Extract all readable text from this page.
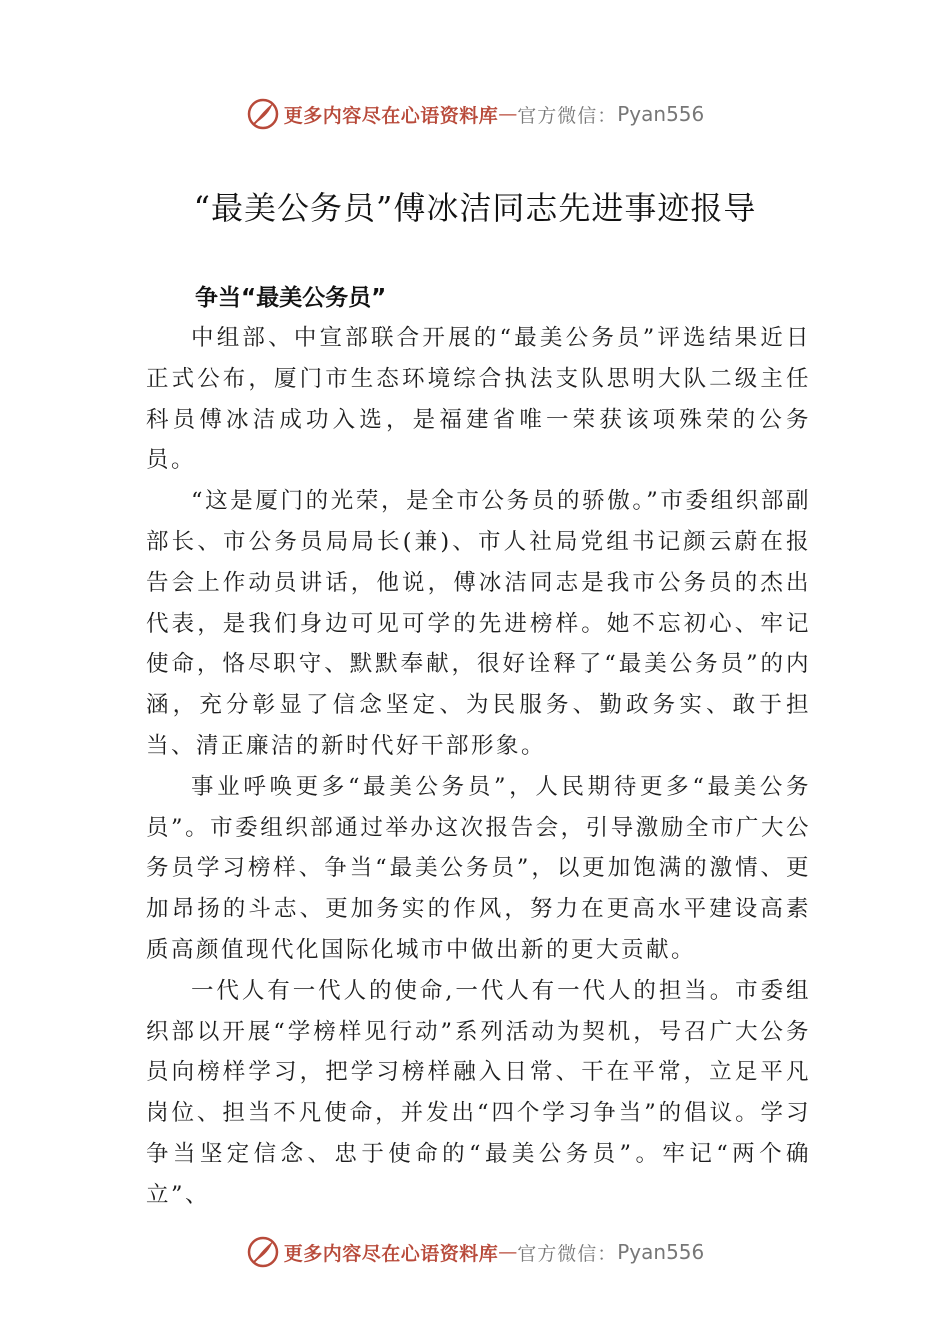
更多内容尽在心语资料库 — 官方微信： Pyan556
“最美公务员”傅冰洁同志先进事迹报导
争当“最美公务员”

中组部、中宣部联合开展的“最美公务员”评选结果近日正式公布，厦门市生态环境综合执法支队思明大队二级主任科员傅冰洁成功入选，是福建省唯一荣获该项殊荣的公务员。

“这是厦门的光荣，是全市公务员的骄傲。”市委组织部副部长、市公务员局局长(兼)、市人社局党组书记颜云蔚在报 告会上作动员讲话，他说，傅冰洁同志是我市公务员的杰出代表，是我们身边可见可学的先进榜样。她不忘初心、牢记使命，恪尽职守、默默奉献，很好诠释了“最美公务员”的内涵，充分彰显了信念坚定、为民服务、勤政务实、敢于担当、清正廉洁的新时代好干部形象。

事业呼唤更多“最美公务员”，人民期待更多“最美公务员”。市委组织部通过举办这次报告会，引导激励全市广大公务员学习榜样、争当“最美公务员”，以更加饱满的激情、更加昂扬的斗志、更加务实的作风，努力在更高水平建设高素质高颜值现代化国际化城市中做出新的更大贡献。

一代人有一代人的使命,一代人有一代人的担当。市委组织部以开展“学榜样见行动”系列活动为契机，号召广大公务员向榜样学习，把学习榜样融入日常、干在平常，立足平凡岗位、担当不凡使命，并发出“四个学习争当”的倡议。学习争当坚定信念、忠于使命的“最美公务员”。牢记“两个确立”、

更多内容尽在心语资料库 — 官方微信： Pyan556
